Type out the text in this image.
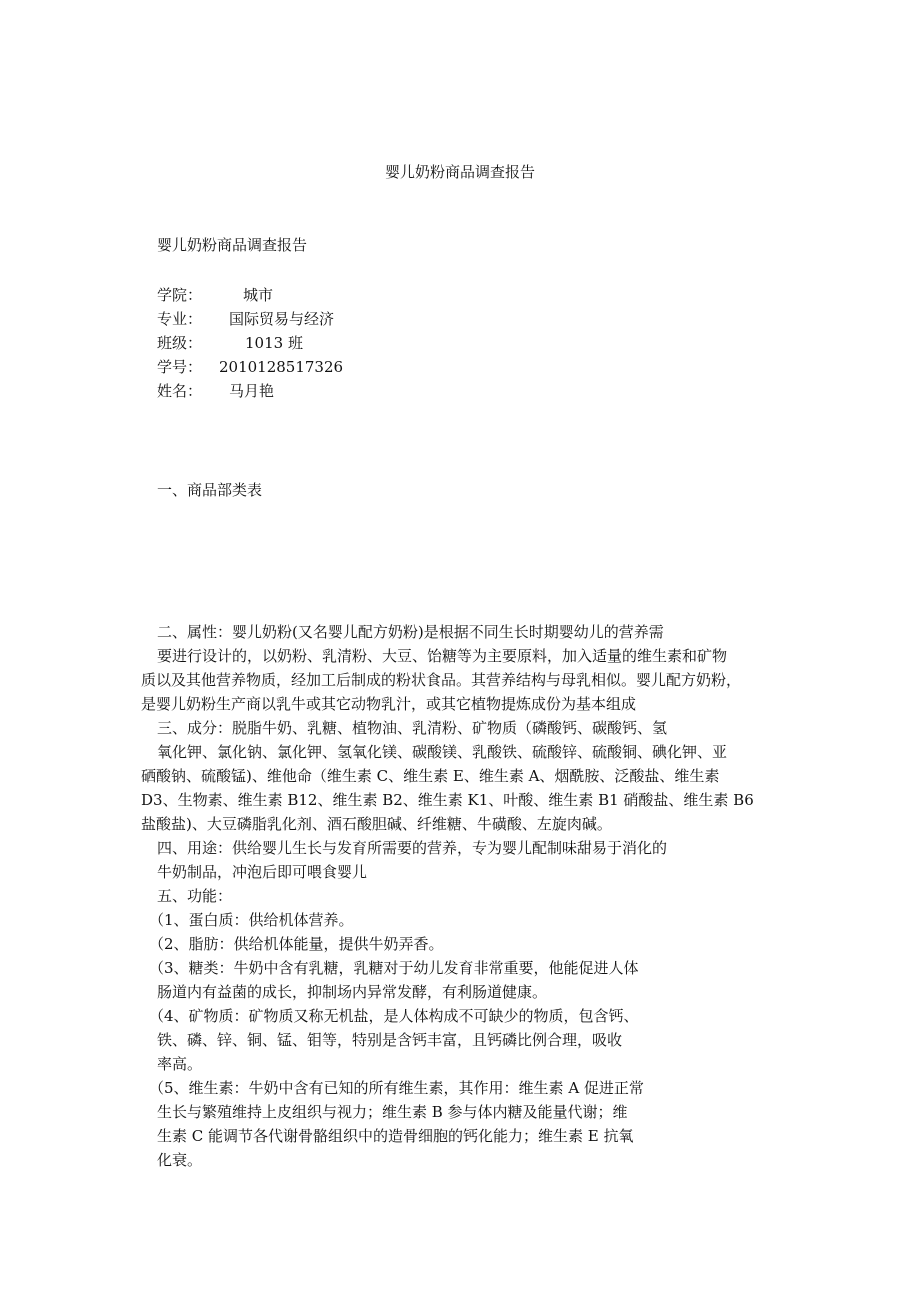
婴儿奶粉商品调查报告
婴儿奶粉商品调查报告
学院：	城市
专业： 国际贸易与经济
班级：	1013 班
学号： 2010128517326
姓名： 马月艳
一、商品部类表
二、属性：婴儿奶粉(又名婴儿配方奶粉)是根据不同生长时期婴幼儿的营养需
要进行设计的，以奶粉、乳清粉、大豆、饴糖等为主要原料，加入适量的维生素和矿物
质以及其他营养物质，经加工后制成的粉状食品。其营养结构与母乳相似。婴儿配方奶粉，
是婴儿奶粉生产商以乳牛或其它动物乳汁，或其它植物提炼成份为基本组成
三、成分：脱脂牛奶、乳糖、植物油、乳清粉、矿物质（磷酸钙、碳酸钙、氢
氧化钾、氯化钠、氯化钾、氢氧化镁、碳酸镁、乳酸铁、硫酸锌、硫酸铜、碘化钾、亚
硒酸钠、硫酸锰)、维他命（维生素 C、维生素 E、维生素 A、烟酰胺、泛酸盐、维生素
D3、生物素、维生素 B12、维生素 B2、维生素 K1、叶酸、维生素 B1 硝酸盐、维生素 B6
盐酸盐)、大豆磷脂乳化剂、酒石酸胆碱、纤维糖、牛磺酸、左旋肉碱。
四、用途：供给婴儿生长与发育所需要的营养，专为婴儿配制味甜易于消化的
牛奶制品，冲泡后即可喂食婴儿
五、功能：
（1、蛋白质：供给机体营养。
（2、脂肪：供给机体能量，提供牛奶弄香。
（3、糖类：牛奶中含有乳糖，乳糖对于幼儿发育非常重要，他能促进人体
肠道内有益菌的成长，抑制场内异常发酵，有利肠道健康。
（4、矿物质：矿物质又称无机盐，是人体构成不可缺少的物质，包含钙、
铁、磷、锌、铜、锰、钼等，特别是含钙丰富，且钙磷比例合理，吸收
率高。
（5、维生素：牛奶中含有已知的所有维生素，其作用：维生素 A 促进正常
生长与繁殖维持上皮组织与视力；维生素 B 参与体内糖及能量代谢；维
生素 C 能调节各代谢骨骼组织中的造骨细胞的钙化能力；维生素 E 抗氧
化衰。
